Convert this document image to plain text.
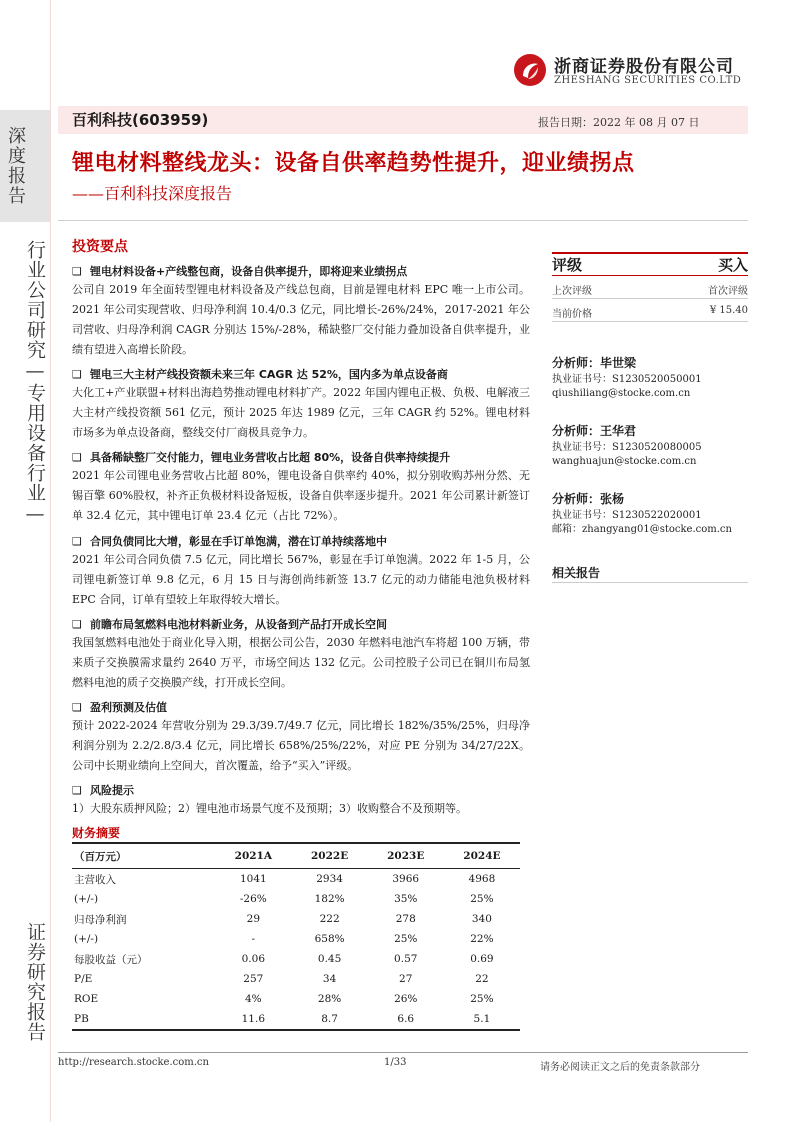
深度报告
行业公司研究—专用设备行业—
证券研究报告
浙商证券股份有限公司
ZHESHANG SECURITIES CO.LTD
百利科技(603959)	报告日期：2022 年 08 月 07 日
锂电材料整线龙头：设备自供率趋势性提升，迎业绩拐点
——百利科技深度报告
投资要点
❑ 锂电材料设备+产线整包商，设备自供率提升，即将迎来业绩拐点
公司自 2019 年全面转型锂电材料设备及产线总包商，目前是锂电材料 EPC 唯一上市公司。2021 年公司实现营收、归母净利润 10.4/0.3 亿元，同比增长-26%/24%，2017-2021 年公司营收、归母净利润 CAGR 分别达 15%/-28%，稀缺整厂交付能力叠加设备自供率提升，业绩有望进入高增长阶段。
❑ 锂电三大主材产线投资额未来三年 CAGR 达 52%，国内多为单点设备商
大化工+产业联盟+材料出海趋势推动锂电材料扩产。2022 年国内锂电正极、负极、电解液三大主材产线投资额 561 亿元，预计 2025 年达 1989 亿元，三年 CAGR 约 52%。锂电材料市场多为单点设备商，整线交付厂商极具竞争力。
❑ 具备稀缺整厂交付能力，锂电业务营收占比超 80%，设备自供率持续提升
2021 年公司锂电业务营收占比超 80%，锂电设备自供率约 40%，拟分别收购苏州分然、无锡百擎 60%股权，补齐正负极材料设备短板，设备自供率逐步提升。2021 年公司累计新签订单 32.4 亿元，其中锂电订单 23.4 亿元（占比 72%）。
❑ 合同负债同比大增，彰显在手订单饱满，潜在订单持续落地中
2021 年公司合同负债 7.5 亿元，同比增长 567%，彰显在手订单饱满。2022 年 1-5 月，公司锂电新签订单 9.8 亿元，6 月 15 日与海创尚纬新签 13.7 亿元的动力储能电池负极材料 EPC 合同，订单有望较上年取得较大增长。
❑ 前瞻布局氢燃料电池材料新业务，从设备到产品打开成长空间
我国氢燃料电池处于商业化导入期，根据公司公告，2030 年燃料电池汽车将超 100 万辆，带来质子交换膜需求量约 2640 万平，市场空间达 132 亿元。公司控股子公司已在铜川布局氢燃料电池的质子交换膜产线，打开成长空间。
❑ 盈利预测及估值
预计 2022-2024 年营收分别为 29.3/39.7/49.7 亿元，同比增长 182%/35%/25%，归母净利润分别为 2.2/2.8/3.4 亿元，同比增长 658%/25%/22%，对应 PE 分别为 34/27/22X。公司中长期业绩向上空间大，首次覆盖，给予“买入”评级。
❑ 风险提示
1）大股东质押风险；2）锂电池市场景气度不及预期；3）收购整合不及预期等。
财务摘要
（百万元）	2021A	2022E	2023E	2024E
主营收入	1041	2934	3966	4968
(+/-)	-26%	182%	35%	25%
归母净利润	29	222	278	340
(+/-)	-	658%	25%	22%
每股收益（元）	0.06	0.45	0.57	0.69
P/E	257	34	27	22
ROE	4%	28%	26%	25%
PB	11.6	8.7	6.6	5.1
评级	买入
上次评级	首次评级
当前价格	¥ 15.40
分析师：毕世梁
执业证书号：S1230520050001
qiushiliang@stocke.com.cn
分析师：王华君
执业证书号：S1230520080005
wanghuajun@stocke.com.cn
分析师：张杨
执业证书号：S1230522020001
邮箱：zhangyang01@stocke.com.cn
相关报告
http://research.stocke.com.cn	1/33	请务必阅读正文之后的免责条款部分
